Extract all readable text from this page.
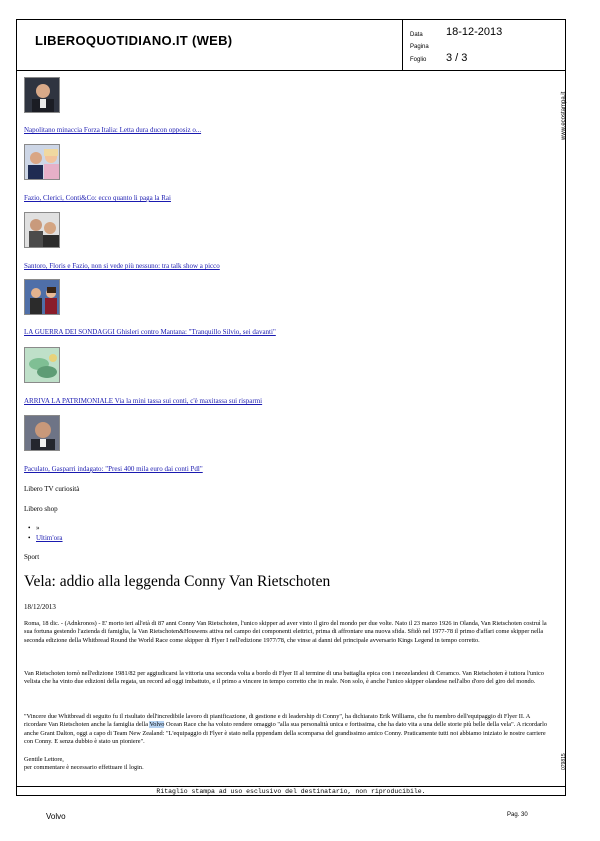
LIBEROQUOTIDIANO.IT (WEB)	Data 18-12-2013
Pagina
Foglio 3 / 3
www.ecostampa.it
079815
Napolitano minaccia Forza Italia: Letta dura ducon opposiz o...
Fazio, Clerici, Conti&Co: ecco quanto li paga la Rai
Santoro, Floris e Fazio, non si vede più nessuno: tra talk show a picco
LA GUERRA DEI SONDAGGI Ghisleri contro Mantana: "Tranquillo Silvio, sei davanti"
ARRIVA LA PATRIMONIALE Via la mini tassa sui conti, c'è maxitassa sui risparmi
Paculato, Gasparri indagato: "Presi 400 mila euro dai conti Pdl"
Libero TV curiosità
Libero shop
• »
• Ultim'ora
Sport
Vela: addio alla leggenda Conny Van Rietschoten
18/12/2013
Roma, 18 dic. - (Adnkronos) - E' morto ieri all'età di 87 anni Conny Van Rietschoten, l'unico skipper ad aver vinto il giro del mondo per due volte. Nato il 23 marzo 1926 in Olanda, Van Rietschoten costruì la sua fortuna gestendo l'azienda di famiglia, la Van Rietschoten&Houwens attiva nel campo dei componenti elettrici, prima di affrontare una nuova sfida. Sfidò nel 1977-78 il primo d'affari come skipper nella seconda edizione della Whitbread Round the World Race come skipper di Flyer I nell'edizione 1977/78, che vinse ai danni del principale avversario Kings Legend in tempo corretto.
Van Rietschoten tornò nell'edizione 1981/82 per aggiudicarsi la vittoria una seconda volta a bordo di Flyer II al termine di una battaglia epica con i neozelandesi di Ceramco. Van Rietschoten è tuttora l'unico velista che ha vinto due edizioni della regata, un record ad oggi imbattuto, e il primo a vincere in tempo corretto che in reale. Non solo, è anche l'unico skipper olandese nell'albo d'oro del giro del mondo.
"Vincere due Whitbread di seguito fu il risultato dell'incredibile lavoro di pianificazione, di gestione e di leadership di Conny", ha dichiarato Erik Williams, che fu membro dell'equipaggio di Flyer II. A ricordare Van Rietschoten anche la famiglia della Volvo Ocean Race che ha voluto rendere omaggio "alla sua personalità unica e fortissima, che ha dato vita a una delle storie più belle della vela". A ricordarlo anche Grant Dalton, oggi a capo di Team New Zealand: "L'equipaggio di Flyer è stato nella pppendam della scomparsa del grandissimo amico Conny. Praticamente tutti noi abbiamo iniziato le nostre carriere con Conny. E senza dubbio è stato un pioniere".
Gentile Lettore,
per commentare è necessario effettuare il login.
Ritaglio stampa ad uso esclusivo del destinatario, non riproducibile.
Volvo	Pag. 30
